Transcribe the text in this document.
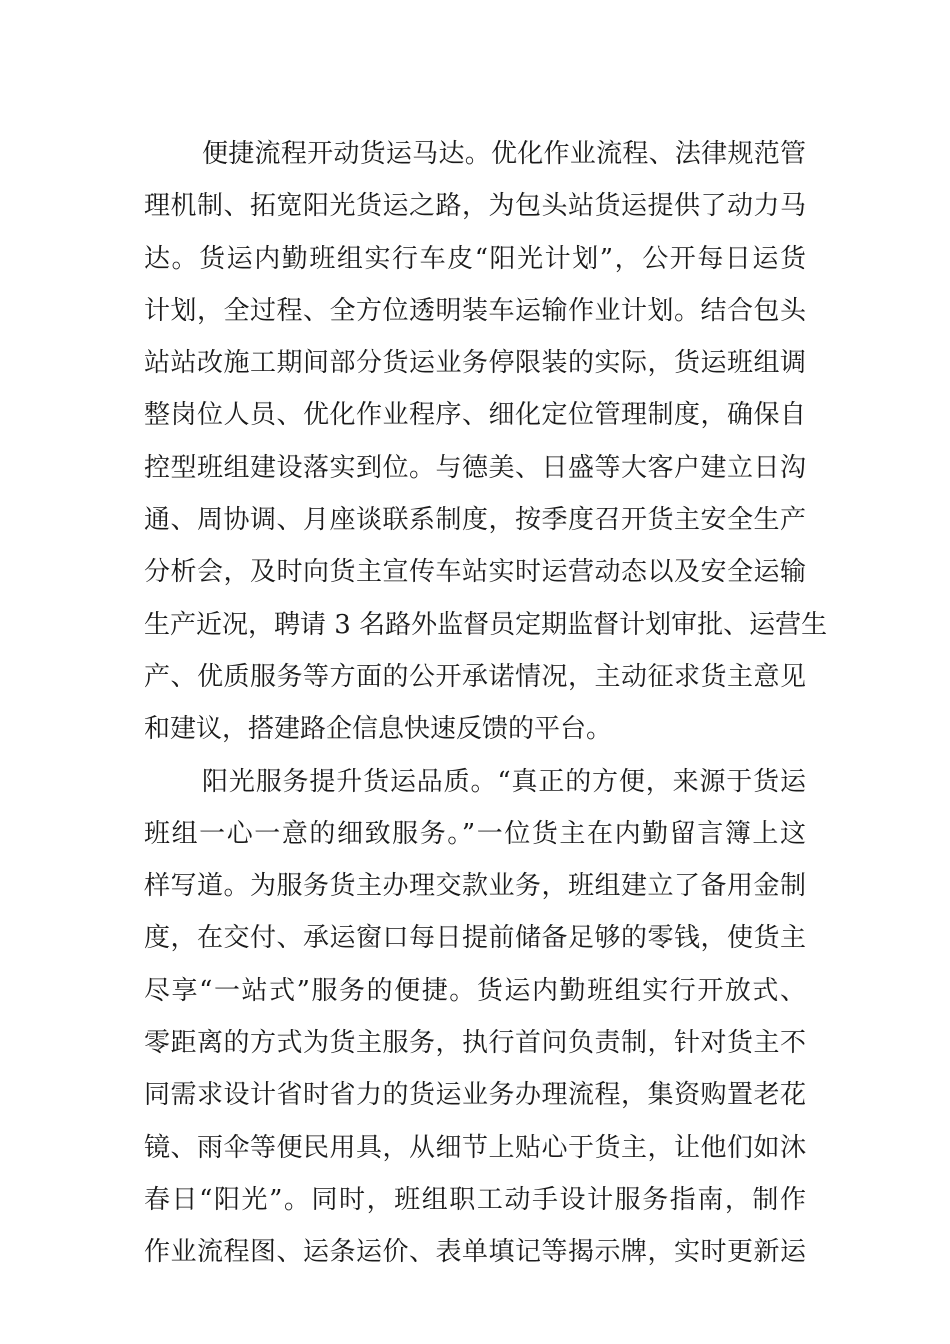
便捷流程开动货运马达。优化作业流程、法律规范管
理机制、拓宽阳光货运之路，为包头站货运提供了动力马
达。货运内勤班组实行车皮“阳光计划”，公开每日运货
计划，全过程、全方位透明装车运输作业计划。结合包头
站站改施工期间部分货运业务停限装的实际，货运班组调
整岗位人员、优化作业程序、细化定位管理制度，确保自
控型班组建设落实到位。与德美、日盛等大客户建立日沟
通、周协调、月座谈联系制度，按季度召开货主安全生产
分析会，及时向货主宣传车站实时运营动态以及安全运输
生产近况，聘请 3 名路外监督员定期监督计划审批、运营生
产、优质服务等方面的公开承诺情况，主动征求货主意见
和建议，搭建路企信息快速反馈的平台。
阳光服务提升货运品质。“真正的方便，来源于货运
班组一心一意的细致服务。”一位货主在内勤留言簿上这
样写道。为服务货主办理交款业务，班组建立了备用金制
度，在交付、承运窗口每日提前储备足够的零钱，使货主
尽享“一站式”服务的便捷。货运内勤班组实行开放式、
零距离的方式为货主服务，执行首问负责制，针对货主不
同需求设计省时省力的货运业务办理流程，集资购置老花
镜、雨伞等便民用具，从细节上贴心于货主，让他们如沐
春日“阳光”。同时，班组职工动手设计服务指南，制作
作业流程图、运条运价、表单填记等揭示牌，实时更新运
